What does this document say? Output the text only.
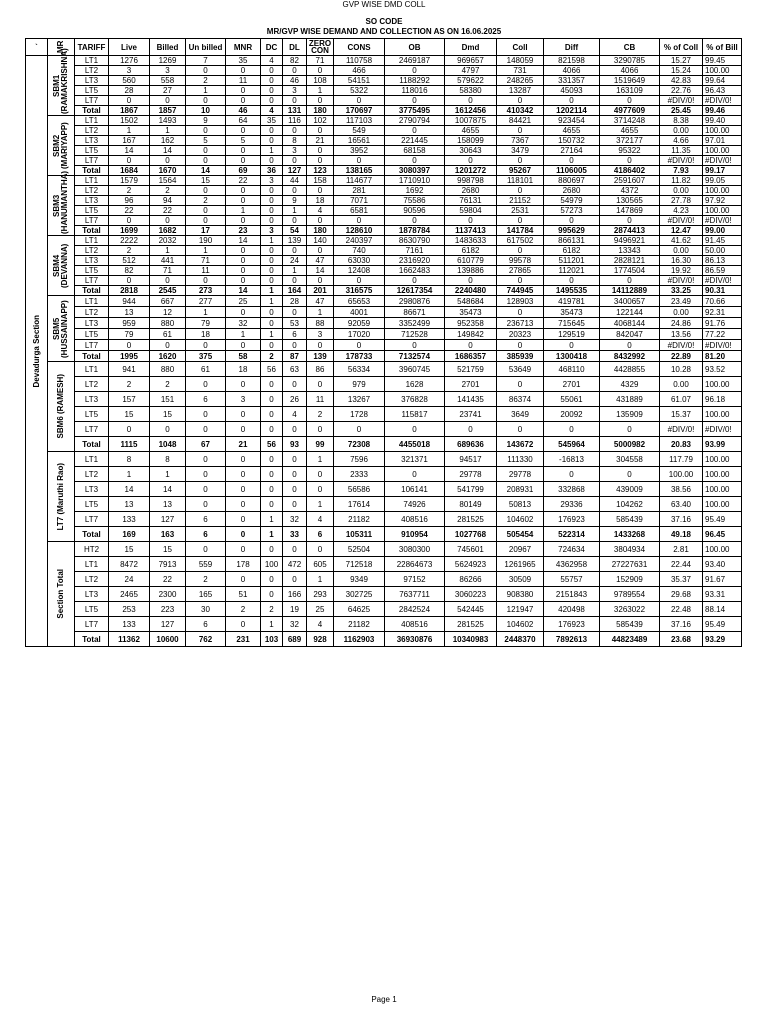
GVP WISE DMD COLL
SO CODE
MR/GVP WISE DEMAND AND COLLECTION AS ON 16.06.2025
`	MR	TARIFF	Live	Billed	Un billed	MNR	DC	DL	ZERO CON	CONS	OB	Dmd	Coll	Diff	CB	% of Coll	% of Bill

Devadurga Section	SBM1 (RAMAKRISHNA)	LT1	1276	1269	7	35	4	82	71	110758	2469187	969657	148059	821598	3290785	15.27	99.45
		LT2	3	3	0	0	0	0	0	466	0	4797	731	4066	4066	15.24	100.00
		LT3	560	558	2	11	0	46	108	54151	1188292	579622	248265	331357	1519649	42.83	99.64
		LT5	28	27	1	0	0	3	1	5322	118016	58380	13287	45093	163109	22.76	96.43
		LT7	0	0	0	0	0	0	0	0	0	0	0	0	0	#DIV/0!	#DIV/0!
		Total	1867	1857	10	46	4	131	180	170697	3775495	1612456	410342	1202114	4977609	25.45	99.46

	SBM2 (MARIYAPP)	LT1	1502	1493	9	64	35	116	102	117103	2790794	1007875	84421	923454	3714248	8.38	99.40
		LT2	1	1	0	0	0	0	0	549	0	4655	0	4655	4655	0.00	100.00
		LT3	167	162	5	5	0	8	21	16561	221445	158099	7367	150732	372177	4.66	97.01
		LT5	14	14	0	0	1	3	0	3952	68158	30643	3479	27164	95322	11.35	100.00
		LT7	0	0	0	0	0	0	0	0	0	0	0	0	0	#DIV/0!	#DIV/0!
		Total	1684	1670	14	69	36	127	123	138165	3080397	1201272	95267	1106005	4186402	7.93	99.17

	SBM3 (HANUMANTHA)	LT1	1579	1564	15	22	3	44	158	114677	1710910	998798	118101	880697	2591607	11.82	99.05
		LT2	2	2	0	0	0	0	0	281	1692	2680	0	2680	4372	0.00	100.00
		LT3	96	94	2	0	0	9	18	7071	75586	76131	21152	54979	130565	27.78	97.92
		LT5	22	22	0	1	0	1	4	6581	90596	59804	2531	57273	147869	4.23	100.00
		LT7	0	0	0	0	0	0	0	0	0	0	0	0	0	#DIV/0!	#DIV/0!
		Total	1699	1682	17	23	3	54	180	128610	1878784	1137413	141784	995629	2874413	12.47	99.00

	SBM4 (DEVANNA)	LT1	2222	2032	190	14	1	139	140	240397	8630790	1483633	617502	866131	9496921	41.62	91.45
		LT2	2	1	1	0	0	0	0	740	7161	6182	0	6182	13343	0.00	50.00
		LT3	512	441	71	0	0	24	47	63030	2316920	610779	99578	511201	2828121	16.30	86.13
		LT5	82	71	11	0	0	1	14	12408	1662483	139886	27865	112021	1774504	19.92	86.59
		LT7	0	0	0	0	0	0	0	0	0	0	0	0	0	#DIV/0!	#DIV/0!
		Total	2818	2545	273	14	1	164	201	316575	12617354	2240480	744945	1495535	14112889	33.25	90.31

	SBM5 (HUSSAINAPP)	LT1	944	667	277	25	1	28	47	65653	2980876	548684	128903	419781	3400657	23.49	70.66
		LT2	13	12	1	0	0	0	1	4001	86671	35473	0	35473	122144	0.00	92.31
		LT3	959	880	79	32	0	53	88	92059	3352499	952358	236713	715645	4068144	24.86	91.76
		LT5	79	61	18	1	1	6	3	17020	712528	149842	20323	129519	842047	13.56	77.22
		LT7	0	0	0	0	0	0	0	0	0	0	0	0	0	#DIV/0!	#DIV/0!
		Total	1995	1620	375	58	2	87	139	178733	7132574	1686357	385939	1300418	8432992	22.89	81.20

	SBM6 (RAMESH)	LT1	941	880	61	18	56	63	86	56334	3960745	521759	53649	468110	4428855	10.28	93.52
		LT2	2	2	0	0	0	0	0	979	1628	2701	0	2701	4329	0.00	100.00
		LT3	157	151	6	3	0	26	11	13267	376828	141435	86374	55061	431889	61.07	96.18
		LT5	15	15	0	0	0	4	2	1728	115817	23741	3649	20092	135909	15.37	100.00
		LT7	0	0	0	0	0	0	0	0	0	0	0	0	0	#DIV/0!	#DIV/0!
		Total	1115	1048	67	21	56	93	99	72308	4455018	689636	143672	545964	5000982	20.83	93.99

	LT7 (Maruthi Rao)	LT1	8	8	0	0	0	0	1	7596	321371	94517	111330	-16813	304558	117.79	100.00
		LT2	1	1	0	0	0	0	0	2333	0	29778	29778	0	0	100.00	100.00
		LT3	14	14	0	0	0	0	0	56586	106141	541799	208931	332868	439009	38.56	100.00
		LT5	13	13	0	0	0	0	1	17614	74926	80149	50813	29336	104262	63.40	100.00
		LT7	133	127	6	0	1	32	4	21182	408516	281525	104602	176923	585439	37.16	95.49
		Total	169	163	6	0	1	33	6	105311	910954	1027768	505454	522314	1433268	49.18	96.45

	Section Total	HT2	15	15	0	0	0	0	0	52504	3080300	745601	20967	724634	3804934	2.81	100.00
		LT1	8472	7913	559	178	100	472	605	712518	22864673	5624923	1261965	4362958	27227631	22.44	93.40
		LT2	24	22	2	0	0	0	1	9349	97152	86266	30509	55757	152909	35.37	91.67
		LT3	2465	2300	165	51	0	166	293	302725	7637711	3060223	908380	2151843	9789554	29.68	93.31
		LT5	253	223	30	2	2	19	25	64625	2842524	542445	121947	420498	3263022	22.48	88.14
		LT7	133	127	6	0	1	32	4	21182	408516	281525	104602	176923	585439	37.16	95.49
		Total	11362	10600	762	231	103	689	928	1162903	36930876	10340983	2448370	7892613	44823489	23.68	93.29
Page 1
